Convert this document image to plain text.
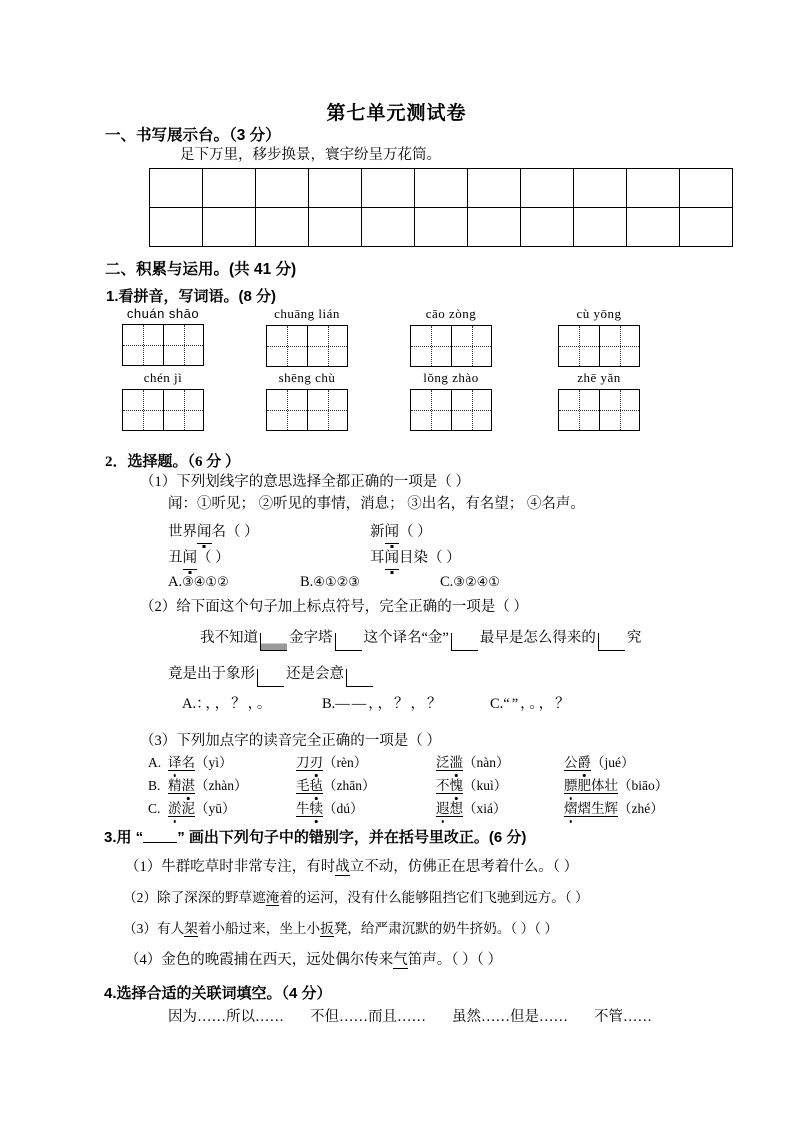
第七单元测试卷
一、书写展示台。（3 分）
足下万里，移步换景，寰宇纷呈万花筒。

二、积累与运用。(共 41 分)
1.看拼音，写词语。(8 分)
chuán shāo	chuāng lián	cāo zòng	cù yōng
chén jì	shēng chù	lǒng zhào	zhē yǎn
2．选择题。（6 分 ）
（1）下列划线字的意思选择全都正确的一项是（ ）
闻：①听见； ②听见的事情，消息； ③出名，有名望； ④名声。
世界闻名（ ）	新闻（ ）
丑闻（ ）	耳闻目染（ ）
A.③④①②	B.④①②③	C.③②④①
（2）给下面这个句子加上标点符号，完全正确的一项是（ ）
我不知道 金字塔 这个译名“金” 最早是怎么得来的 究
竟是出于象形 还是会意
A.：，，？，。	B.——，，？，？	C.“”，。，？
（3）下列加点字的读音完全正确的一项是（ ）
A. 译名（yì）	刀刃（rèn）	泛滥（nàn）	公爵（jué）
B. 精湛（zhàn）	毛毡（zhān）	不愧（kuì）	膘肥体壮（biāo）
C. 淤泥（yū）	牛犊（dú）	遐想（xiá）	熠熠生辉（zhé）
3.用 “ ” 画出下列句子中的错别字，并在括号里改正。(6 分)
（1）牛群吃草时非常专注，有时战立不动，仿佛正在思考着什么。（ ）
（2）除了深深的野草遮淹着的运河，没有什么能够阻挡它们飞驰到远方。（ ）
（3）有人架着小船过来，坐上小扳凳，给严肃沉默的奶牛挤奶。（ ）（ ）
（4）金色的晚霞捕在西天，远处偶尔传来气笛声。（ ）（ ）
4.选择合适的关联词填空。（4 分）
因为……所以…… 不但……而且…… 虽然……但是…… 不管……
